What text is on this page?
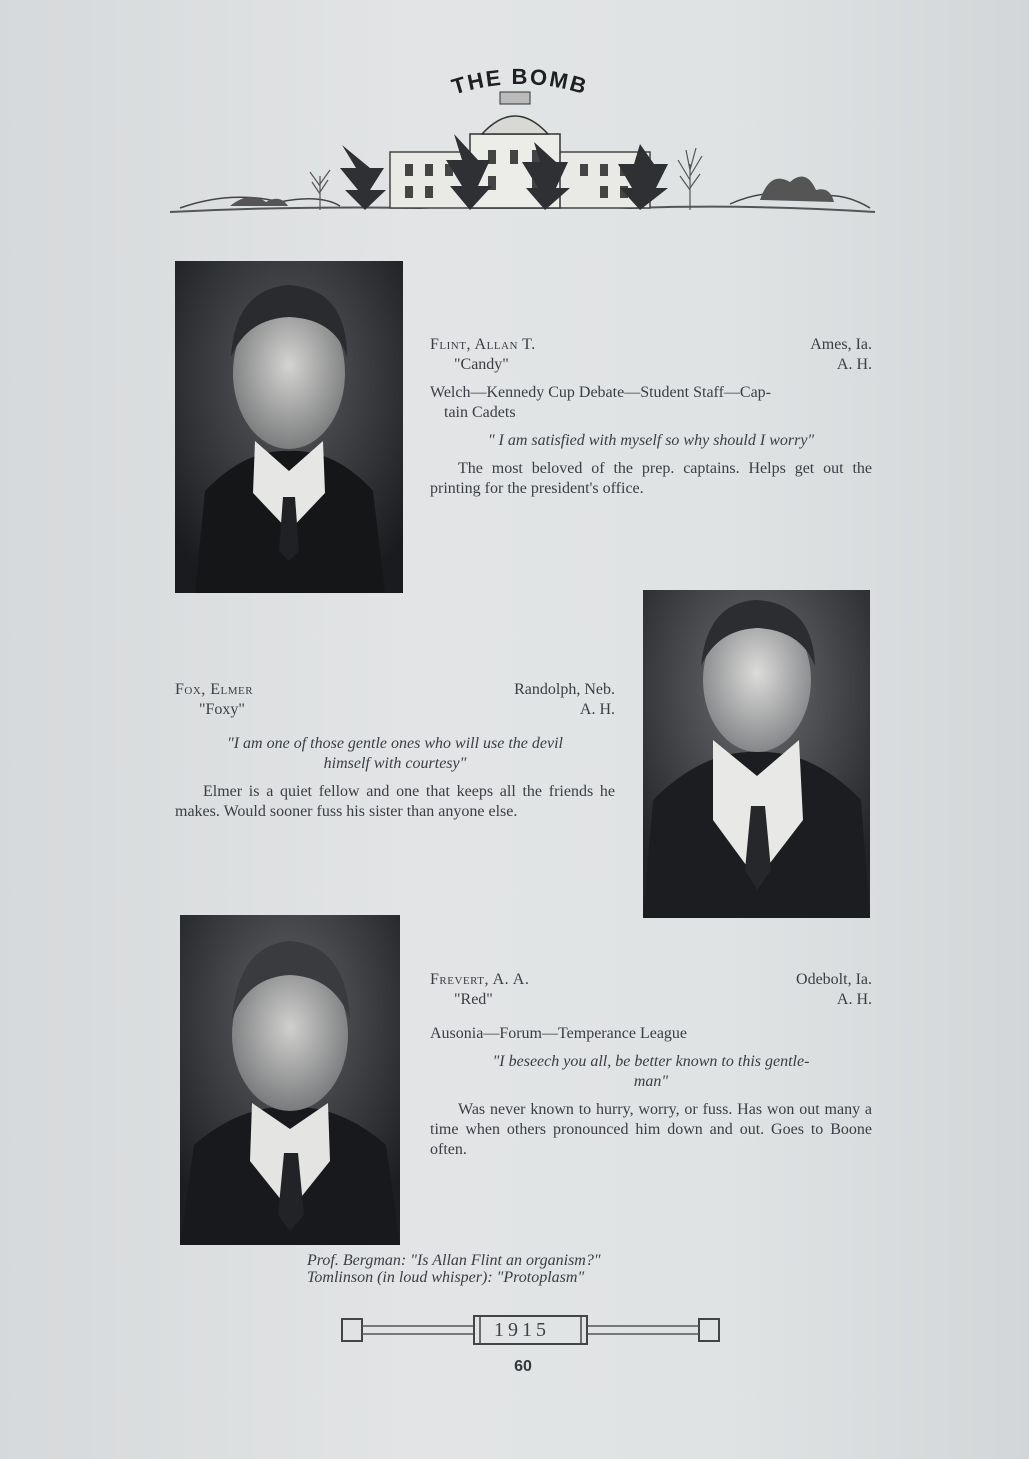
THE BOMB
Flint, Allan T.	Ames, Ia.
"Candy"	A. H.
Welch—Kennedy Cup Debate—Student Staff—Cap-
tain Cadets
" I am satisfied with myself so why should I worry"
The most beloved of the prep. captains. Helps get out the printing for the president's office.
Fox, Elmer	Randolph, Neb.
"Foxy"	A. H.
"I am one of those gentle ones who will use the devil
himself with courtesy"
Elmer is a quiet fellow and one that keeps all the friends he makes. Would sooner fuss his sister than anyone else.
Frevert, A. A.	Odebolt, Ia.
"Red"	A. H.
Ausonia—Forum—Temperance League
"I beseech you all, be better known to this gentle-
man"
Was never known to hurry, worry, or fuss. Has won out many a time when others pronounced him down and out. Goes to Boone often.
Prof. Bergman: "Is Allan Flint an organism?"
Tomlinson (in loud whisper): "Protoplasm"
1915
60
